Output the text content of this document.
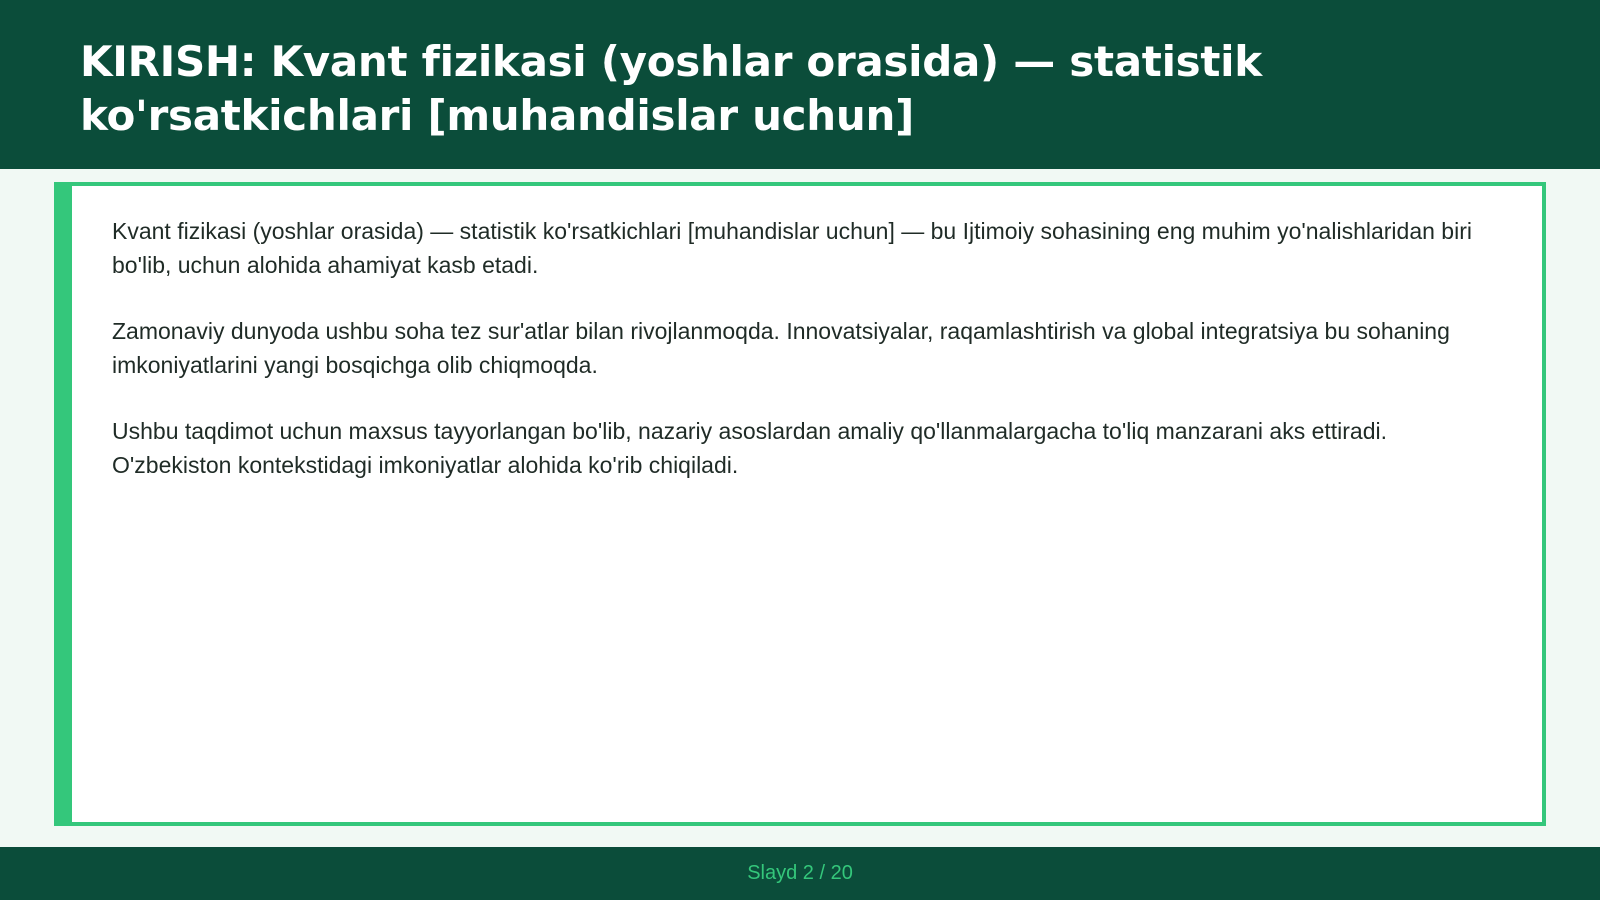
KIRISH: Kvant fizikasi (yoshlar orasida) — statistik ko'rsatkichlari [muhandislar uchun]

Kvant fizikasi (yoshlar orasida) — statistik ko'rsatkichlari [muhandislar uchun] — bu Ijtimoiy sohasining eng muhim yo'nalishlaridan biri bo'lib, uchun alohida ahamiyat kasb etadi.

Zamonaviy dunyoda ushbu soha tez sur'atlar bilan rivojlanmoqda. Innovatsiyalar, raqamlashtirish va global integratsiya bu sohaning imkoniyatlarini yangi bosqichga olib chiqmoqda.

Ushbu taqdimot uchun maxsus tayyorlangan bo'lib, nazariy asoslardan amaliy qo'llanmalargacha to'liq manzarani aks ettiradi. O'zbekiston kontekstidagi imkoniyatlar alohida ko'rib chiqiladi.

Slayd 2 / 20
